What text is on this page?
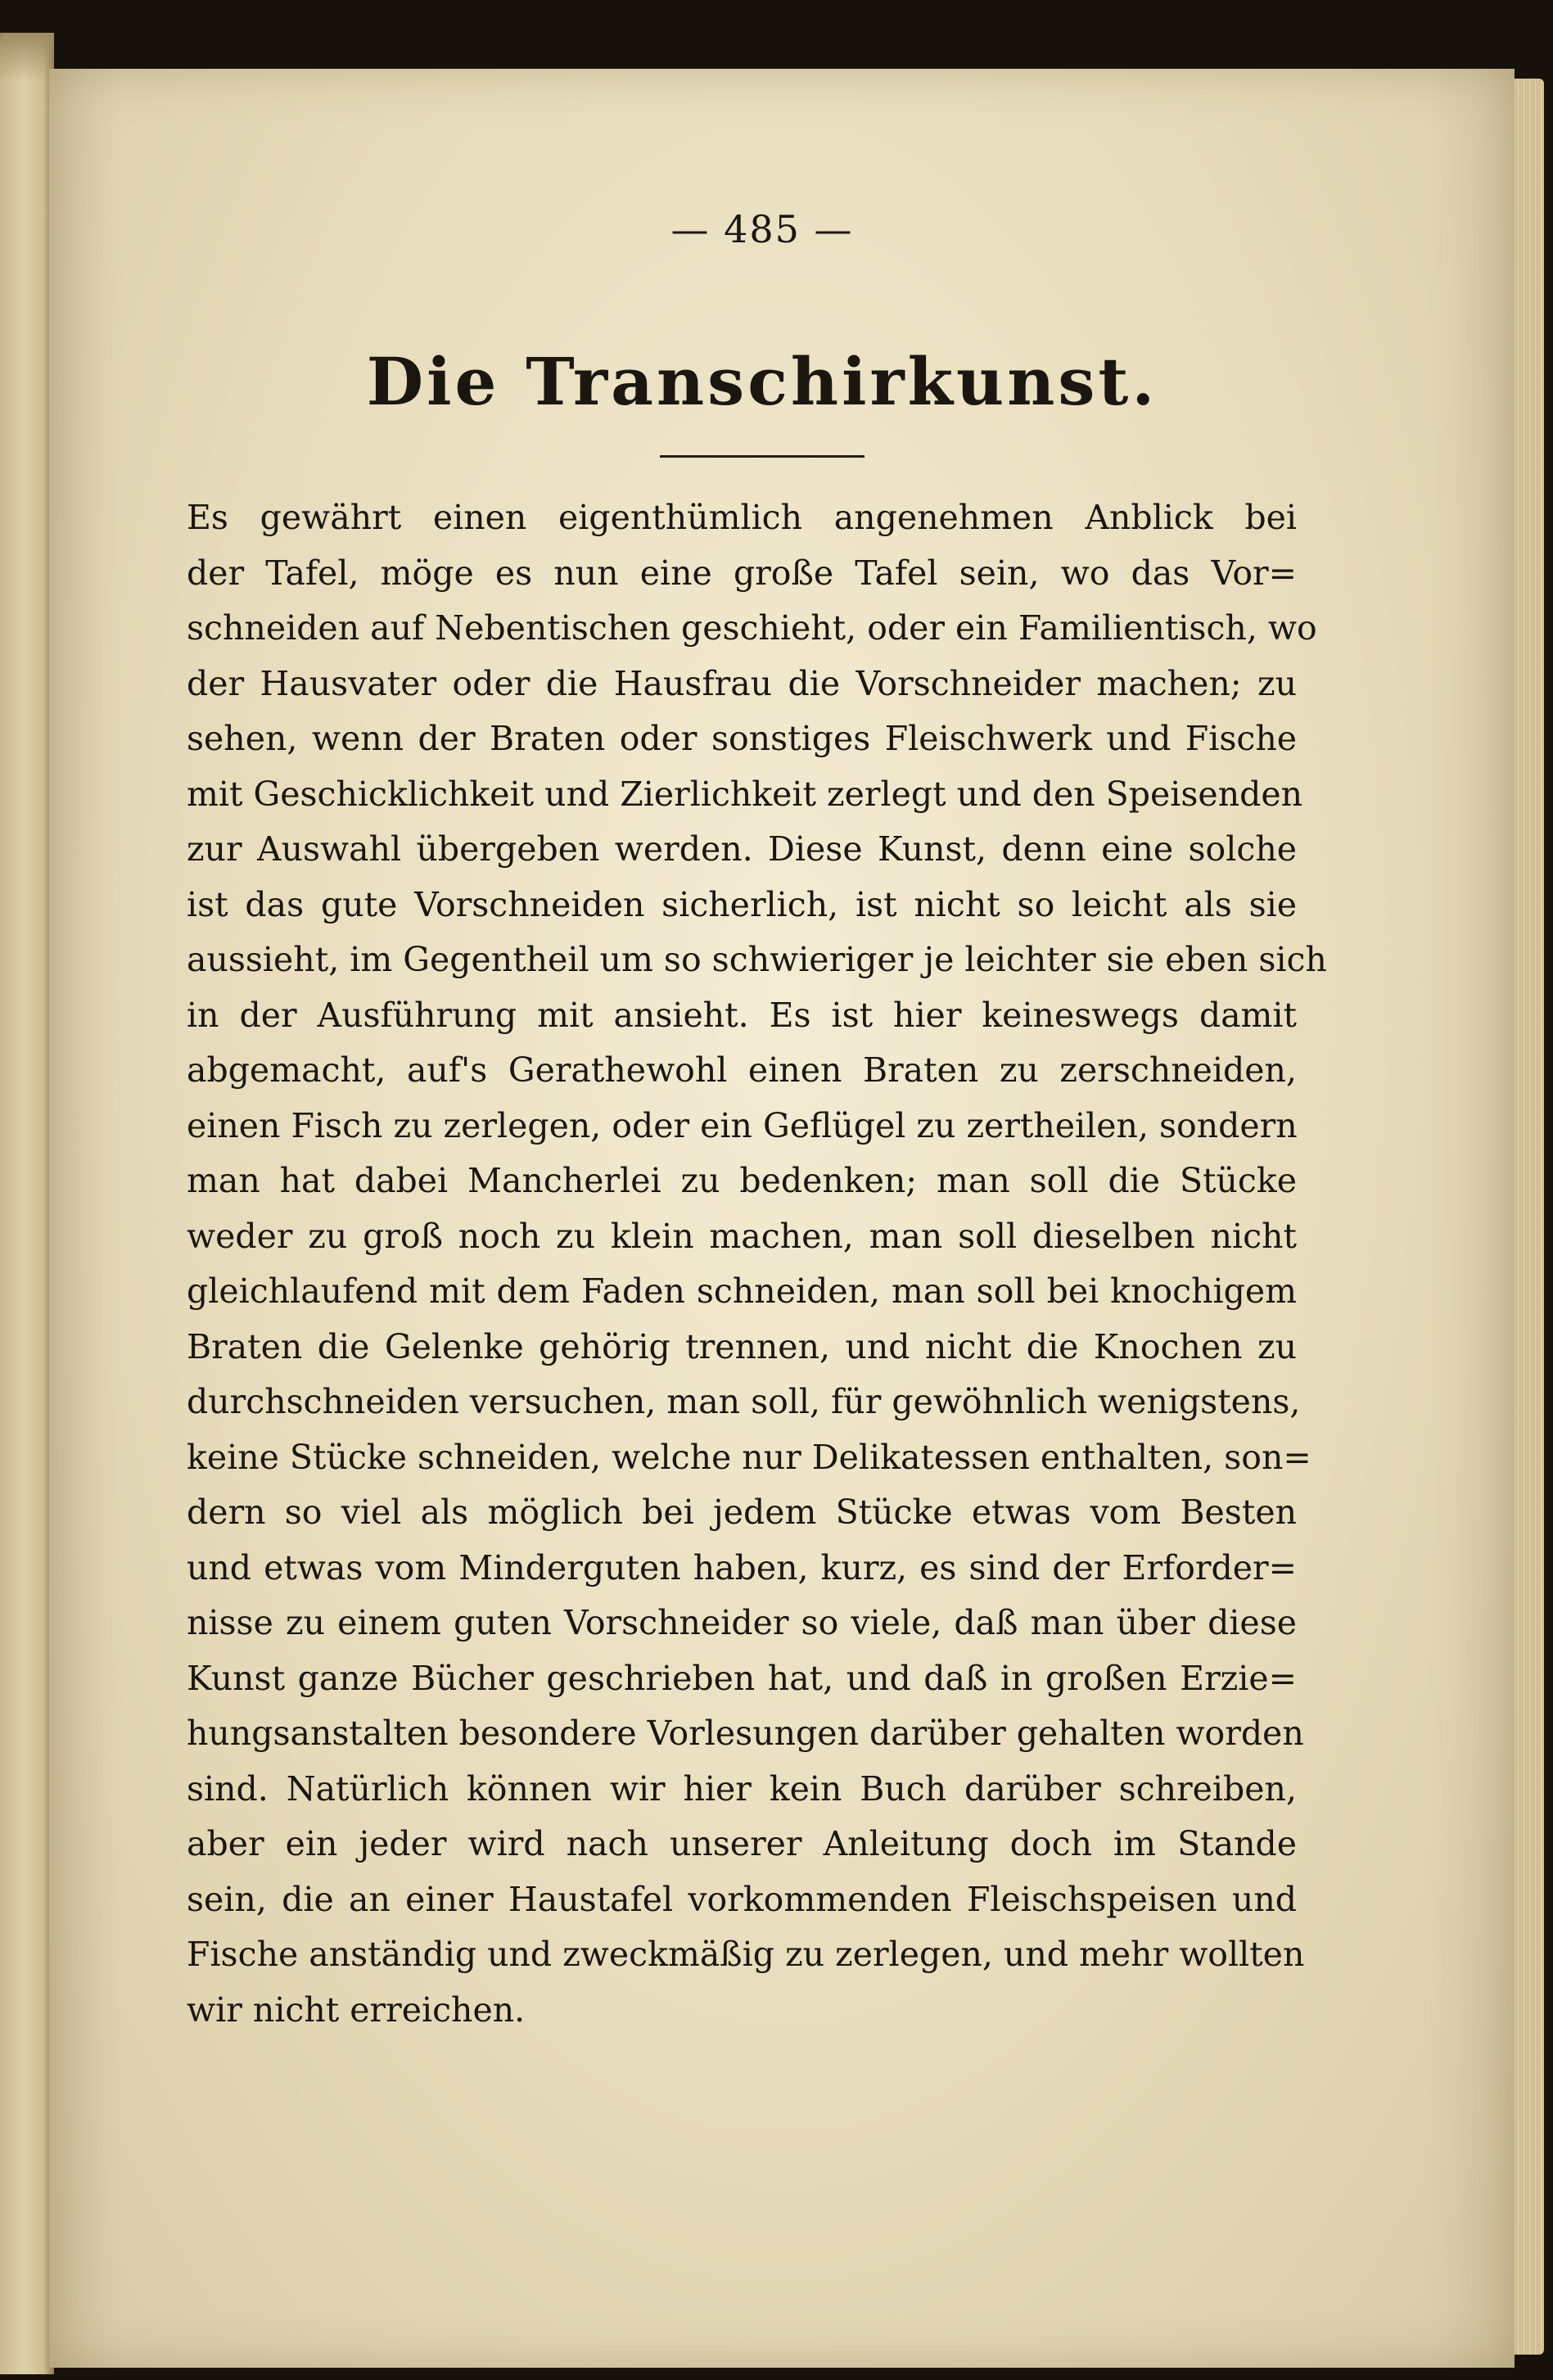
— 485 —
Die Transchirkunst.
Es gewährt einen eigenthümlich angenehmen Anblick bei
der Tafel, möge es nun eine große Tafel sein, wo das Vor=
schneiden auf Nebentischen geschieht, oder ein Familientisch, wo
der Hausvater oder die Hausfrau die Vorschneider machen; zu
sehen, wenn der Braten oder sonstiges Fleischwerk und Fische
mit Geschicklichkeit und Zierlichkeit zerlegt und den Speisenden
zur Auswahl übergeben werden. Diese Kunst, denn eine solche
ist das gute Vorschneiden sicherlich, ist nicht so leicht als sie
aussieht, im Gegentheil um so schwieriger je leichter sie eben sich
in der Ausführung mit ansieht. Es ist hier keineswegs damit
abgemacht, auf's Gerathewohl einen Braten zu zerschneiden,
einen Fisch zu zerlegen, oder ein Geflügel zu zertheilen, sondern
man hat dabei Mancherlei zu bedenken; man soll die Stücke
weder zu groß noch zu klein machen, man soll dieselben nicht
gleichlaufend mit dem Faden schneiden, man soll bei knochigem
Braten die Gelenke gehörig trennen, und nicht die Knochen zu
durchschneiden versuchen, man soll, für gewöhnlich wenigstens,
keine Stücke schneiden, welche nur Delikatessen enthalten, son=
dern so viel als möglich bei jedem Stücke etwas vom Besten
und etwas vom Minderguten haben, kurz, es sind der Erforder=
nisse zu einem guten Vorschneider so viele, daß man über diese
Kunst ganze Bücher geschrieben hat, und daß in großen Erzie=
hungsanstalten besondere Vorlesungen darüber gehalten worden
sind. Natürlich können wir hier kein Buch darüber schreiben,
aber ein jeder wird nach unserer Anleitung doch im Stande
sein, die an einer Haustafel vorkommenden Fleischspeisen und
Fische anständig und zweckmäßig zu zerlegen, und mehr wollten
wir nicht erreichen.
